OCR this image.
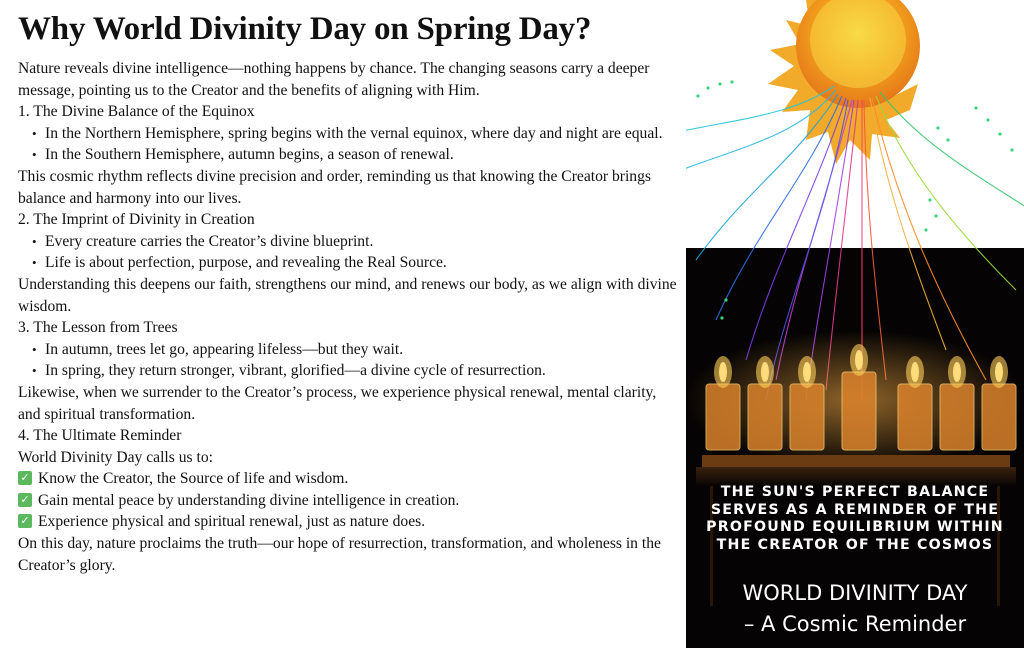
Why World Divinity Day on Spring Day?

Nature reveals divine intelligence—nothing happens by chance. The changing seasons carry a deeper message, pointing us to the Creator and the benefits of aligning with Him.

1. The Divine Balance of the Equinox

• In the Northern Hemisphere, spring begins with the vernal equinox, where day and night are equal.
• In the Southern Hemisphere, autumn begins, a season of renewal.

This cosmic rhythm reflects divine precision and order, reminding us that knowing the Creator brings balance and harmony into our lives.

2. The Imprint of Divinity in Creation

• Every creature carries the Creator’s divine blueprint.
• Life is about perfection, purpose, and revealing the Real Source.

Understanding this deepens our faith, strengthens our mind, and renews our body, as we align with divine wisdom.

3. The Lesson from Trees

• In autumn, trees let go, appearing lifeless—but they wait.
• In spring, they return stronger, vibrant, glorified—a divine cycle of resurrection.

Likewise, when we surrender to the Creator’s process, we experience physical renewal, mental clarity, and spiritual transformation.

4. The Ultimate Reminder

World Divinity Day calls us to:

✓ Know the Creator, the Source of life and wisdom.
✓ Gain mental peace by understanding divine intelligence in creation.
✓ Experience physical and spiritual renewal, just as nature does.

On this day, nature proclaims the truth—our hope of resurrection, transformation, and wholeness in the Creator’s glory.

THE SUN'S PERFECT BALANCE
SERVES AS A REMINDER OF THE
PROFOUND EQUILIBRIUM WITHIN
THE CREATOR OF THE COSMOS
WORLD DIVINITY DAY
– A Cosmic Reminder
